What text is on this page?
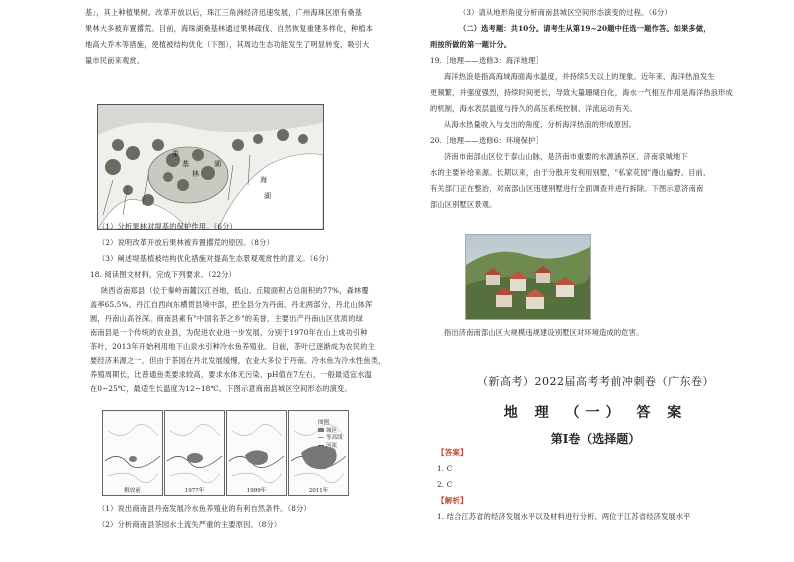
基」，其上种植果树。改革开放以后，珠江三角洲经济迅速发展，广州海珠区原有桑基
果林大多被弃置撂荒。目前，海珠湖桑基林通过果林疏伐、自然恢复重建多样化，种植本
地高大乔木等措施，使植被结构优化（下图），其周边生态功能发生了明显转变，吸引大
量市民前来观赏。
果
基
林
湖
海
湖
（1）分析果林对堤基的保护作用。（6分）
（2）说明改革开放后果林被弃置撂荒的原因。（8分）
（3）阐述堤基植被结构优化措施对提高生态景观观赏性的意义。（6分）
18. 阅读图文材料，完成下列要求。（22分）
陕西省南郑县（位于秦岭南麓汉江谷地，低山、丘陵面积占总面积的77%，森林覆
盖率65.5%。丹江自西向东横贯县境中部，把全县分为丹南、丹北两部分，丹北山体浑
圆，丹南山高谷深。商南县素有"中国名茶之乡"的美誉，主要出产丹南山区优质的绿
南南县是一个传统的农业县，为促进农业进一步发展，分别于1970年在山上成功引种
茶叶，2013年开始利用地下山泉水引种冷水鱼养殖业。目前，茶叶已逐渐成为农民的主
要经济来源之一，但由于茶园在丹北发展缓慢，农业大多位于丹南。冷水鱼为冷水性鱼类，
养殖周期长，比普通鱼类要求较高，要求水体无污染、pH值在7左右，一般最适宜水温
在0~25℃，最适生长温度为12~18℃。下图示意商南县城区空间形态的演变。
解放前	1977年	1999年	2011年
图例
城区
等高线
河流
（1）说出商南县丹南发展冷水鱼养殖业的有利自然条件。（8分）
（2）分析商南县茶园水土流失严重的主要原因。（8分）
（3）请从地形角度分析商南县城区空间形态演变的过程。（6分）
（二）选考题：共10分。请考生从第19~20题中任选一题作答。如果多做，
则按所做的第一题计分。
19.［地理——选修3：海洋地理］
海洋热浪是指高海域海面海水温度，并持续5天以上的现象。近年来，海洋热浪发生
更频繁，并强度强烈，持续时间更长，导致大量珊瑚白化，海水一气相互作用是海洋热浪形成
的机制，海水表层温度与持久的高压系统控制、洋流运动有关。
从海水热量收入与支出的角度，分析海洋热浪的形成原因。
20.［地理——选修6：环境保护］
济南市南部山区位于泰山山脉，是济南市重要的水源涵养区、济南泉城地下
水的主要补给来源。长期以来，由于分散开发利用别墅，"私家花园"漫山遍野。目前，
有关部门正在整治，对南部山区违建别墅进行全面调查并进行拆除。下图示意济南南
部山区别墅区景观。
指出济南南部山区大规模违规建设别墅区对环境造成的危害。
（新高考）2022届高考考前冲刺卷（广东卷）
地 理 （一） 答 案
第Ⅰ卷（选择题）
【答案】
1. C
2. C
【解析】
1. 结合江苏省的经济发展水平以及材料进行分析。两位于江苏省经济发展水平
